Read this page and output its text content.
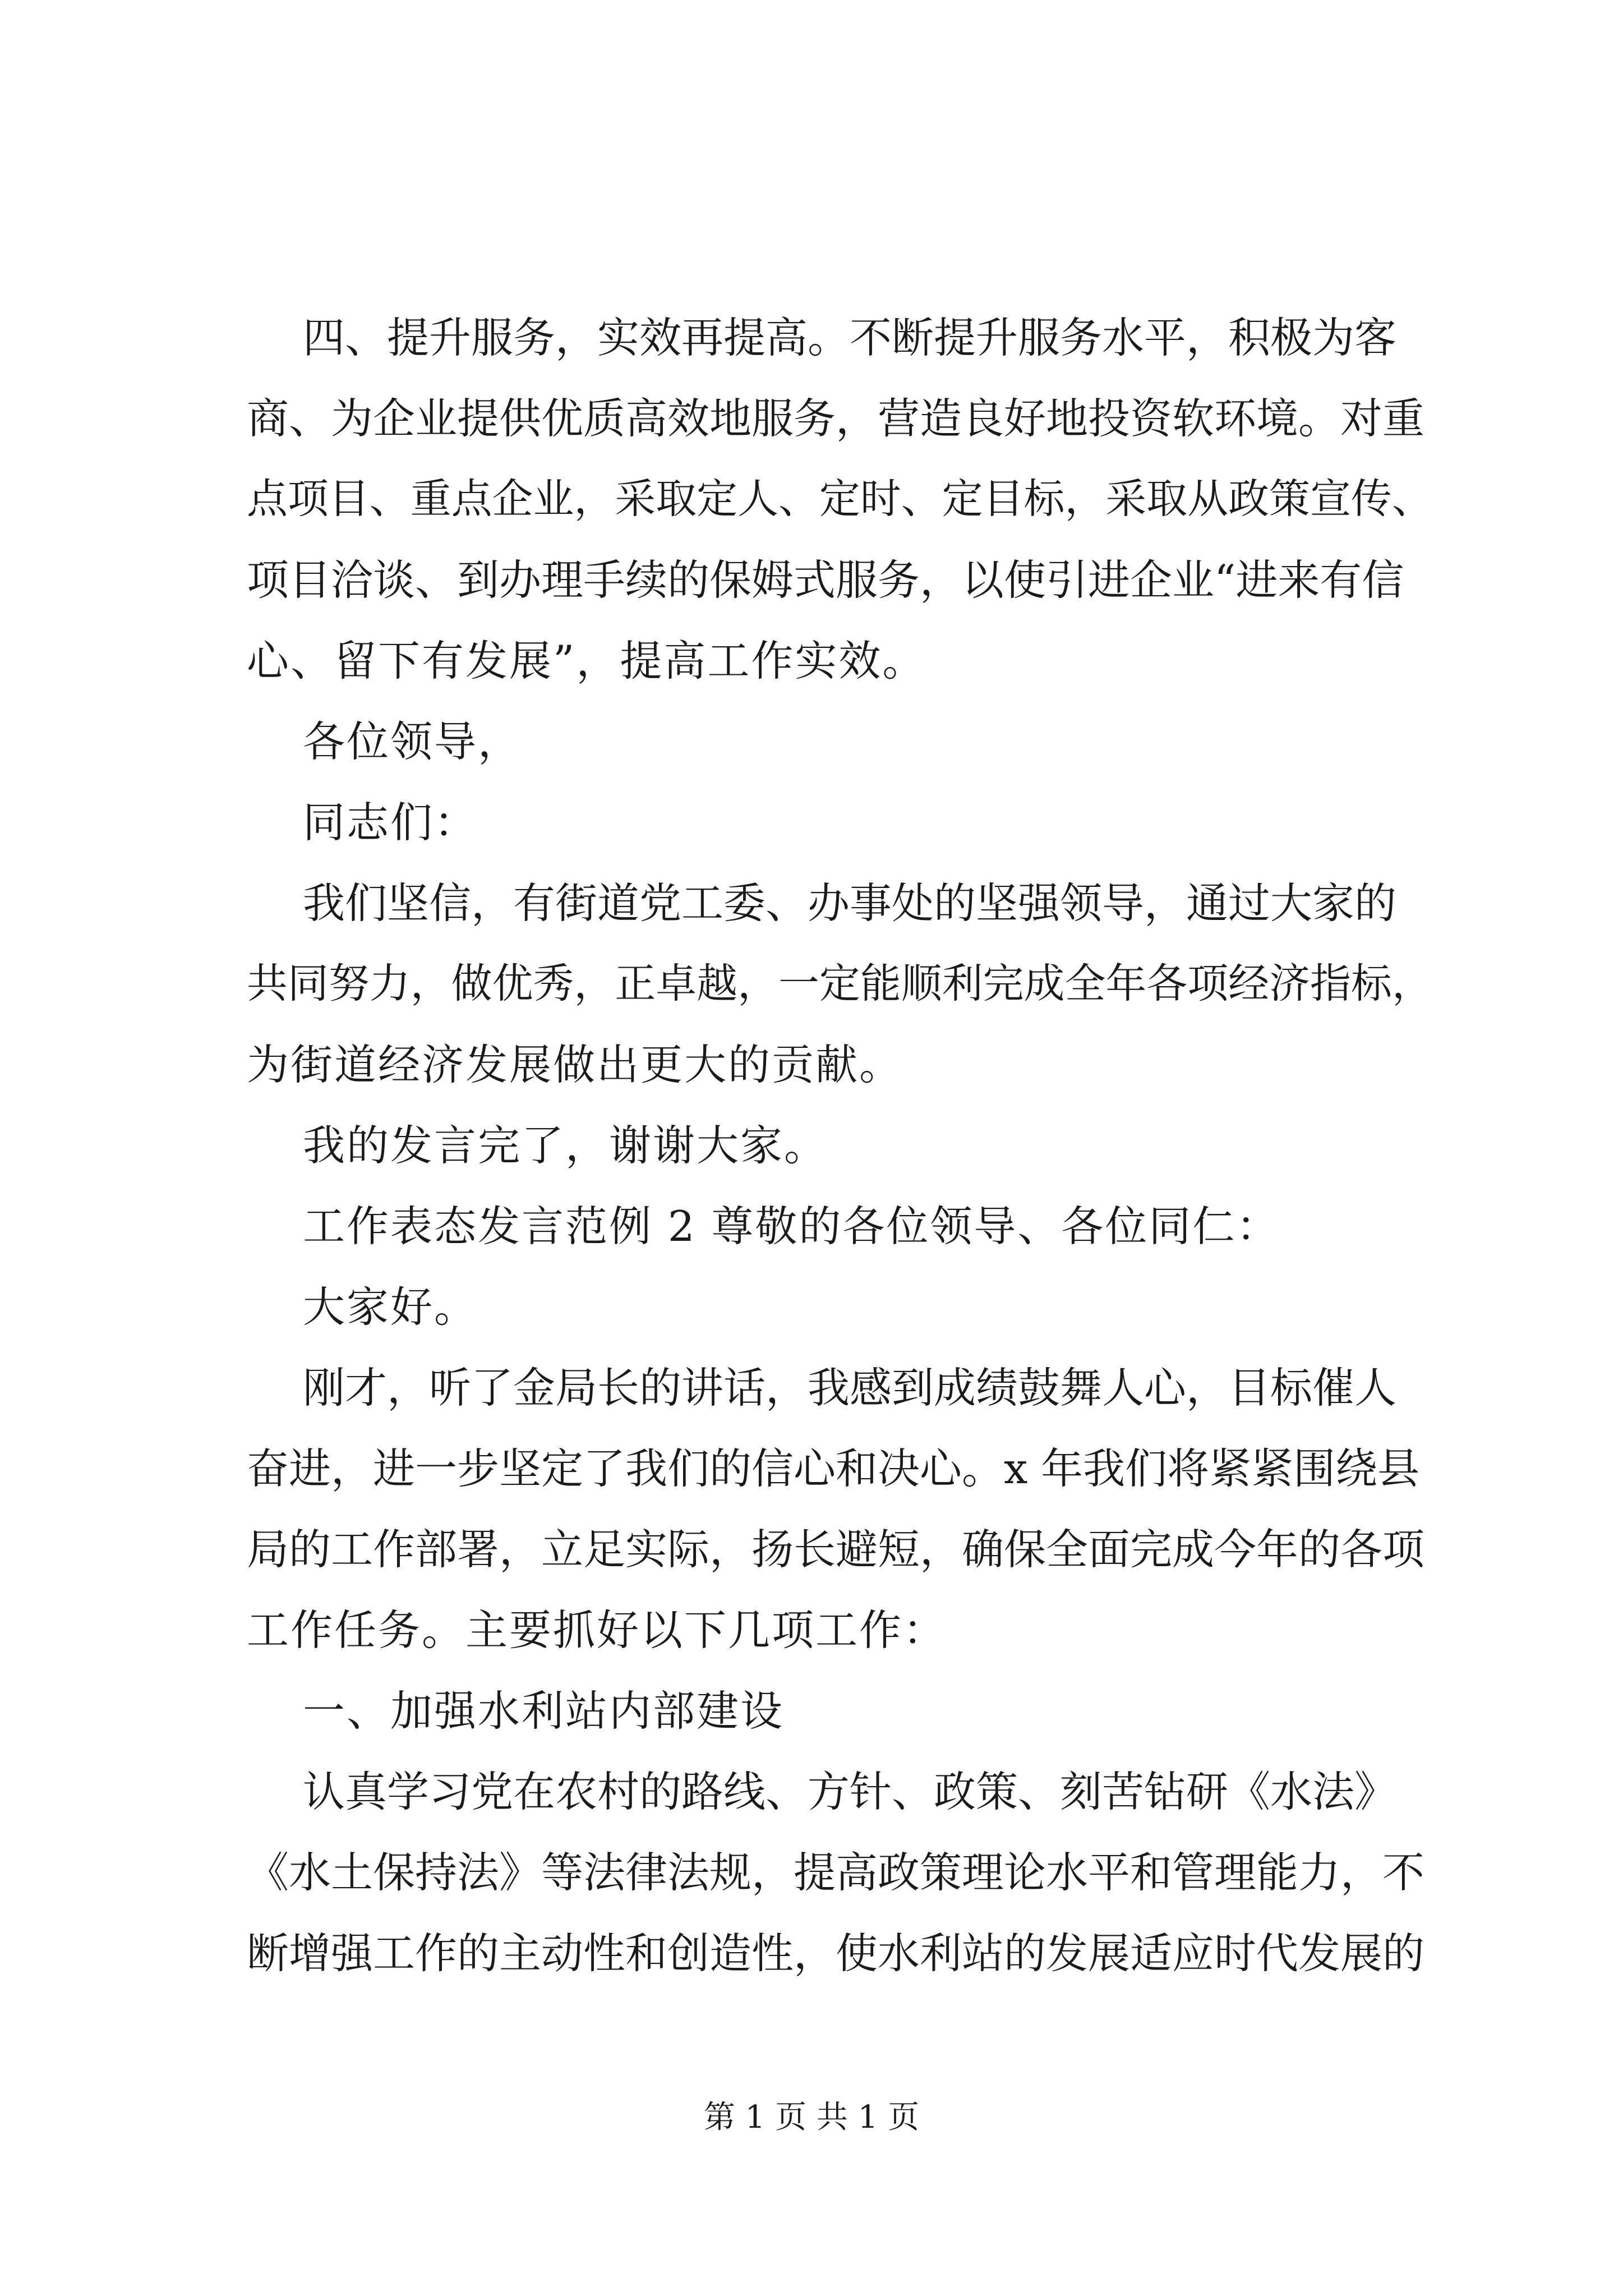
四、提升服务，实效再提高。不断提升服务水平，积极为客
商、为企业提供优质高效地服务，营造良好地投资软环境。对重
点项目、重点企业，采取定人、定时、定目标，采取从政策宣传、
项目洽谈、到办理手续的保姆式服务，以使引进企业“进来有信
心、留下有发展”，提高工作实效。
各位领导，
同志们：
我们坚信，有街道党工委、办事处的坚强领导，通过大家的
共同努力，做优秀，正卓越，一定能顺利完成全年各项经济指标，
为街道经济发展做出更大的贡献。
我的发言完了，谢谢大家。
工作表态发言范例 2 尊敬的各位领导、各位同仁：
大家好。
刚才，听了金局长的讲话，我感到成绩鼓舞人心，目标催人
奋进，进一步坚定了我们的信心和决心。x 年我们将紧紧围绕县
局的工作部署，立足实际，扬长避短，确保全面完成今年的各项
工作任务。主要抓好以下几项工作：
一、加强水利站内部建设
认真学习党在农村的路线、方针、政策、刻苦钻研《水法》
《水土保持法》等法律法规，提高政策理论水平和管理能力，不
断增强工作的主动性和创造性，使水利站的发展适应时代发展的
第 1 页 共 1 页
